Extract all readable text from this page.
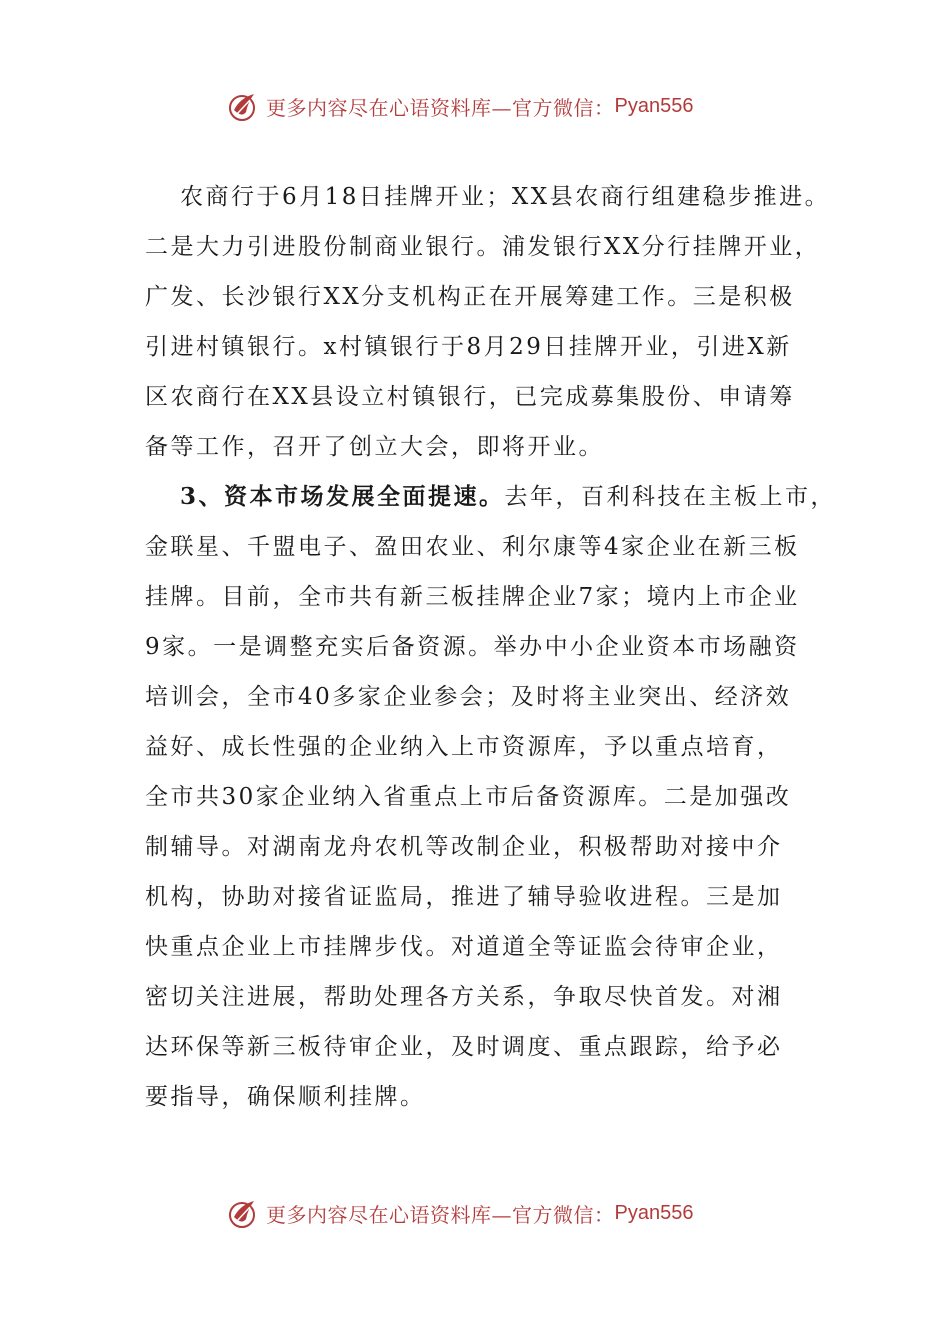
更多内容尽在心语资料库—官方微信： Pyan556
农商行于6月18日挂牌开业；XX县农商行组建稳步推进。
二是大力引进股份制商业银行。浦发银行XX分行挂牌开业，
广发、长沙银行XX分支机构正在开展筹建工作。三是积极
引进村镇银行。x村镇银行于8月29日挂牌开业，引进X新
区农商行在XX县设立村镇银行，已完成募集股份、申请筹
备等工作，召开了创立大会，即将开业。
3、资本市场发展全面提速。去年，百利科技在主板上市，
金联星、千盟电子、盈田农业、利尔康等4家企业在新三板
挂牌。目前，全市共有新三板挂牌企业7家；境内上市企业
9家。一是调整充实后备资源。举办中小企业资本市场融资
培训会，全市40多家企业参会；及时将主业突出、经济效
益好、成长性强的企业纳入上市资源库，予以重点培育，
全市共30家企业纳入省重点上市后备资源库。二是加强改
制辅导。对湖南龙舟农机等改制企业，积极帮助对接中介
机构，协助对接省证监局，推进了辅导验收进程。三是加
快重点企业上市挂牌步伐。对道道全等证监会待审企业，
密切关注进展，帮助处理各方关系，争取尽快首发。对湘
达环保等新三板待审企业，及时调度、重点跟踪，给予必
要指导，确保顺利挂牌。
更多内容尽在心语资料库—官方微信： Pyan556
